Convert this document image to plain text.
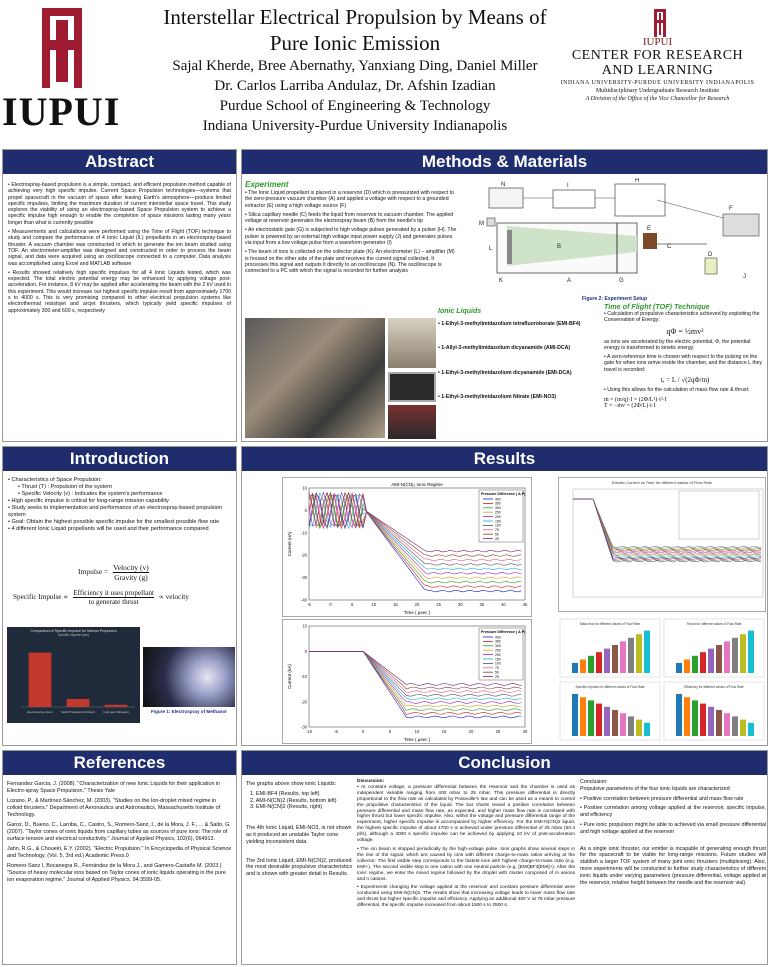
IUPUI
Interstellar Electrical Propulsion by Means of
Pure Ionic Emission
Sajal Kherde, Bree Abernathy, Yanxiang Ding, Daniel Miller
Dr. Carlos Larriba Andulaz, Dr. Afshin Izadian
Purdue School of Engineering & Technology
Indiana University-Purdue University Indianapolis
IUPUI
CENTER FOR RESEARCH AND LEARNING
INDIANA UNIVERSITY-PURDUE UNIVERSITY INDIANAPOLIS
Multidisciplinary Undergraduate Research Institute
A Division of the Office of the Vice Chancellor for Research
Abstract

• Electrospray-based propulsion is a simple, compact, and efficient propulsion method capable of achieving very high specific impulse. Current Space Propulsion technologies—systems that propel spacecraft in the vacuum of space after leaving Earth's atmosphere—produce limited specific impulses, limiting the maximum duration of current interstellar space travel. This study explores the viability of using an electrospray-based Space Propulsion system to achieve a specific impulse high enough to enable the completion of space missions lasting many years longer than what is currently possible

• Measurements and calculations were performed using the Time of Flight (TOF) technique to study and compare the performance of 4 Ionic Liquid (IL) propellants in an electrospray-based thruster. A vacuum chamber was constructed in which to generate the ion beam studied using TOF. An electrometer-amplifier was designed and constructed in order to process the beam signal, and data were acquired using an oscilloscope connected to a computer. Data analysis was accomplished using Excel and MATLAB software

• Results showed relatively high specific impulses for all 4 Ionic Liquids tested, which was expected. The total electric potential energy may be enhanced by applying voltage post-acceleration. For instance, 8 kV may be applied after accelerating the beam with the 2 kV used in this experiment. This would increase our highest specific impulse result from approximately 1700 s to 4000 s. This is very promising compared to other electrical propulsion systems like electrothermal resistojet and arcjet thrusters, which typically yield specific impulses of approximately 300 and 600 s, respectively

Methods & Materials
Experiment

• The Ionic Liquid propellant is placed in a reservoir (D) which is pressurized with respect to the zero-pressure vacuum chamber (A) and applied a voltage with respect to a grounded extractor (E) using a high voltage source (F)

• Silica capillary needle (C) feeds the liquid from reservoir to vacuum chamber. The applied voltage at reservoir generates the electrospray beam (B) from the needle's tip

• An electrostatic gate (G) is subjected to high voltage pulses generated by a pulser (H). The pulser is powered by an external high voltage input power supply (J) and generates pulses via input from a low voltage pulse from a waveform generator (I)

• The beam of ions is collected on the collector plate (K). An electrometer (L) – amplifier (M) is housed on the other side of the plate and receives the current signal collected. It processes this signal and outputs it directly to an oscilloscope (N). The oscilloscope is connected to a PC with which the signal is recorded for further analysis

N	I
H
M
L
K
B
G
E
C
D
F
J
A
Figure 2: Experiment Setup
Ionic Liquids
• 1-Ethyl-3-methylimidazolium tetrafluoroborate (EMI-BF4)
• 1-Allyl-3-methylimidazolium dicyanamide (AMI-DCA)
• 1-Ethyl-3-methylimidazolium dicyanamide (EMI-DCA)
• 1-Ethyl-3-methylimidazolium Nitrate (EMI-NO3)
Time of Flight (TOF) Technique
• Calculation of propulsive characteristics achieved by exploiting the Conservation of Energy:
qΦ = ½mv²
as ions are accelerated by the electric potential, Φ, the potential energy is transformed to kinetic energy.
• A zero-reference time is chosen with respect to the pulsing on the gate for when ions arrive inside the chamber, and the distance L they travel is recorded:
tₐ = L / √(2qΦ/m)
• Using this allows for the calculation of mass flow rate & thrust:
ṁ = (m/q)·I = (2Φ/L²)·t²·I
T = −ṁv = (2Φ/L)·t·I
Introduction
• Characteristics of Space Propulsion:
• Thrust (T) : Propulsion of the system
• Specific Velocity (v) : Indicates the system's performance
• High specific impulse is critical for long-range mission capability
• Study seeks to implementation and performance of an electrospray-based propulsion system
• Goal: Obtain the highest possible specific impulse for the smallest possible flow rate
• 4 different Ionic Liquid propellants will be used and their performance compared
Impulse = Velocity (v)
Gravity (g)
Specific Impulse ∝
Efficiency it uses propellant
to generate thrust
∝ velocity
Comparison of Specific Impulse for Various Propulsion
Specific Impulse (sec)
Electrospray (Ions)	Solid Propellant (Rocket)	Cold gas (Nitrogen)	Figure 1: Electrospray of Methanol
Results
-5	0	5	10	15	20	25	30	35	40	45
10
0
-10
-20
-30
-40
Time ( μsec )
Current (nA)
AMI-N(CN)₂ Ionic Regime
Pressure Difference ( Δ P)
400
350
300
250
200
150
100
75
50
25
-10	-5	0	5	10	15	20	25	30
10
0
-10
-20
-30
Time ( μsec )
Current (nA)
Pressure Difference ( Δ P)
400
350
300
250
200
150
100
75
50
25
Electric Current vs Time for different values of Flow Rate
Mass flow for different values of Flow Rate	Thrust for different values of Flow Rate
Specific Impulse for different values of Flow Rate	Efficiency for different values of Flow Rate
References

Fernandez Garcia, J. (2008). "Characterization of new Ionic Liquids for their application in Electro-spray Space Propulsion." Thesis Yale

Lozano, P., & Martínez-Sánchez, M. (2003). "Studies on the Ion-droplet mixed regime in colloid thrusters." Department of Aeronautics and Astronautics, Massachusetts Institute of Technology.

Garoz, D., Bueno, C., Larriba, C., Castro, S., Romero-Sanz, I., de la Mora, J. F., ... & Saito, G. (2007). "Taylor cones of ionic liquids from capillary tubes as sources of pure ions: The role of surface tension and electrical conductivity." Journal of Applied Physics, 102(6), 064913.

Jahn, R.G., & Choueiri, E.Y. (2002). "Electric Propulsion." In Encyclopedia of Physical Science and Technology. (Vol. 5, 3rd ed.) Academic Press.0

Romero-Sanz I, Bocanegra R., Fernández de la Mora J., and Gamero-Castaño M. (2003.) "Source of heavy molecular ions based on Taylor cones of ionic liquids operating in the pure ion evaporation regime." Journal of Applied Physics. 94:3599-05.

Conclusion

The graphs above show ionic Liquids:

1. EMI-BF4 (Results, top left)
2. AMI-N(CN)2 (Results, bottom left)
3. EMI-N(CN)2 (Results, right)

The 4th Ionic Liquid, EMI-NO3, is not shown as it produced an unstable Taylor cone yielding inconsistent data.

The 3rd Ionic Liquid, EMI-N(CN)2, produced the most desirable propulsive characteristics and is shown with greater detail in Results.

Discussion:

• At constant voltage, a pressure differential between the reservoir and the chamber is used as independent variable ranging from 400 mbar to 25 mbar. This pressure differential is directly proportional to the flow rate as calculated by Poiseuille's law and can be used as a means to control the propulsive characteristics of the liquid. The bar charts reveal a positive correlation between pressure differential and mass flow rate, as expected, and higher mass flow rate is correlated with higher thrust but lower specific impulse. Also, within the voltage and pressure differential range of the experiment, higher specific impulse is accompanied by higher efficiency. For the EMI-N(CN)2 liquid, the highest specific impulse of about 1700 s is achieved under pressure differential of 25 mbar (50.4 pl/s), although a 4000 s specific impulse can be achieved by applying 10 kV of post-acceleration voltage.

• The ion beam is stopped periodically by the high-voltage pulse. Ions graphs show several steps in the rise of the signal, which are caused by ions with different charge-to-mass ratios arriving at the collector. The first visible step corresponds to the fastest ions with highest charge-to-mass ratio (e.g. EMI+). The second visible step is one cation with one neutral particle (e.g. [EMI]BF4[EMI]+). After the ionic regime, we enter the mixed regime followed by the droplet with cluster composed of m anions and n cations.

• Experiments changing the voltage applied at the reservoir and constant pressure differential were conducted using EMI-N(CN)2. The results show that increasing voltage leads to lower mass flow rate and thrust but higher specific impulse and efficiency. Applying an additional 400 V at 75 mbar pressure differential, the specific impulse increased from about 1500 s to 2500 s.

Conclusion:

Propulsive parameters of the four ionic liquids are characterized:

• Positive correlation between pressure differential and mass flow rate

• Positive correlation among voltage applied at the reservoir, specific impulse, and efficiency

• Pure ionic propulsion might be able to achieved via small pressure differential and high voltage applied at the reservoir

As a single ionic thruster, our emitter is incapable of generating enough thrust for the spacecraft to be viable for long-range missions. Future studies will stablish a larger TOF system of many joint ionic thrusters (multiplexing). Also, more experiments will be conducted to further study characteristics of different ionic liquids under varying parameters (pressure differential, voltage applied at the reservoir, relative height between the needle and the reservoir vial).
